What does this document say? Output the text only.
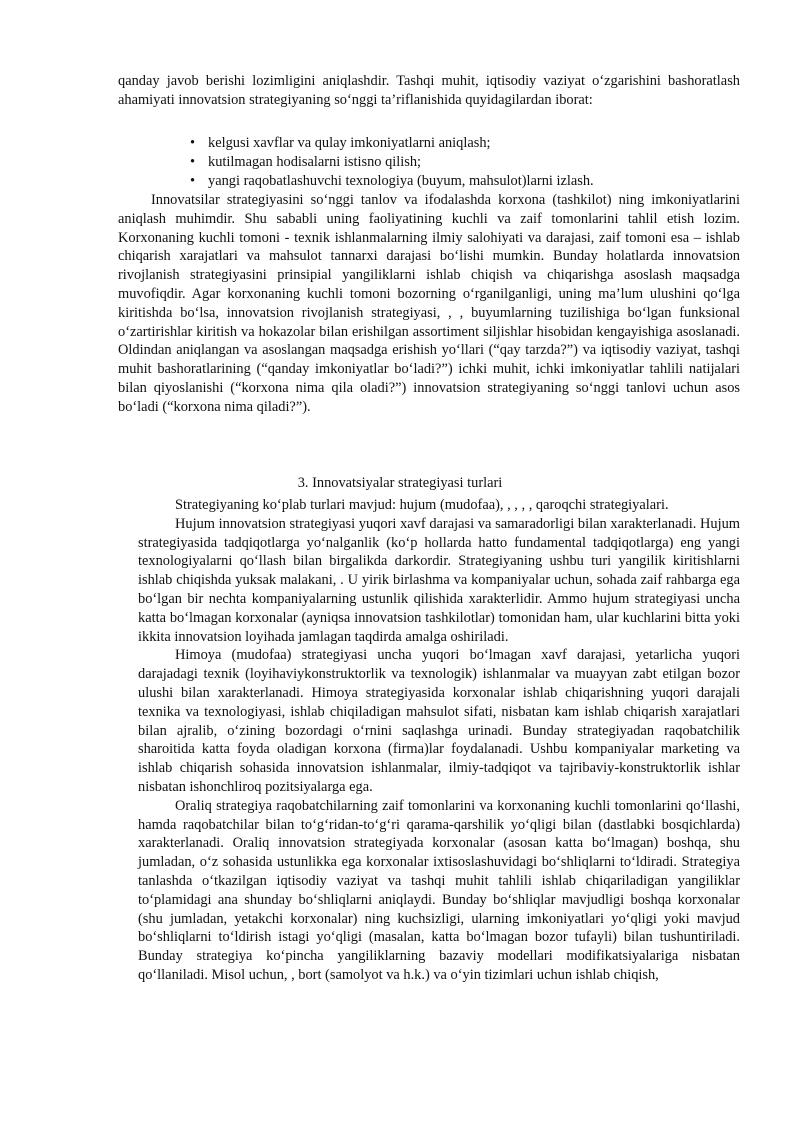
qanday javob berishi lozimligini aniqlashdir. Tashqi muhit, iqtisodiy vaziyat o‘zgarishini bashoratlash ahamiyati innovatsion strategiyaning so‘nggi ta’riflanishida quyidagilardan iborat:

• kelgusi xavflar va qulay imkoniyatlarni aniqlash;
• kutilmagan hodisalarni istisno qilish;
• yangi raqobatlashuvchi texnologiya (buyum, mahsulot)larni izlash.

Innovatsilar strategiyasini so‘nggi tanlov va ifodalashda korxona (tashkilot) ning imkoniyatlarini aniqlash muhimdir. Shu sababli uning faoliyatining kuchli va zaif tomonlarini tahlil etish lozim. Korxonaning kuchli tomoni - texnik ishlanmalarning ilmiy salohiyati va darajasi, zaif tomoni esa – ishlab chiqarish xarajatlari va mahsulot tannarxi darajasi bo‘lishi mumkin. Bunday holatlarda innovatsion rivojlanish strategiyasini prinsipial yangiliklarni ishlab chiqish va chiqarishga asoslash maqsadga muvofiqdir. Agar korxonaning kuchli tomoni bozorning o‘rganilganligi, uning ma’lum ulushini qo‘lga kiritishda bo‘lsa, innovatsion rivojlanish strategiyasi, , , buyumlarning tuzilishiga bo‘lgan funksional o‘zartirishlar kiritish va hokazolar bilan erishilgan assortiment siljishlar hisobidan kengayishiga asoslanadi. Oldindan aniqlangan va asoslangan maqsadga erishish yo‘llari (“qay tarzda?”) va iqtisodiy vaziyat, tashqi muhit bashoratlarining (“qanday imkoniyatlar bo‘ladi?”) ichki muhit, ichki imkoniyatlar tahlili natijalari bilan qiyoslanishi (“korxona nima qila oladi?”) innovatsion strategiyaning so‘nggi tanlovi uchun asos bo‘ladi (“korxona nima qiladi?”).

3. Innovatsiyalar strategiyasi turlari

Strategiyaning ko‘plab turlari mavjud: hujum (mudofaa), , , , , qaroqchi strategiyalari.

Hujum innovatsion strategiyasi yuqori xavf darajasi va samaradorligi bilan xarakterlanadi. Hujum strategiyasida tadqiqotlarga yo‘nalganlik (ko‘p hollarda hatto fundamental tadqiqotlarga) eng yangi texnologiyalarni qo‘llash bilan birgalikda darkordir. Strategiyaning ushbu turi yangilik kiritishlarni ishlab chiqishda yuksak malakani, . U yirik birlashma va kompaniyalar uchun, sohada zaif rahbarga ega bo‘lgan bir nechta kompaniyalarning ustunlik qilishida xarakterlidir. Ammo hujum strategiyasi uncha katta bo‘lmagan korxonalar (ayniqsa innovatsion tashkilotlar) tomonidan ham, ular kuchlarini bitta yoki ikkita innovatsion loyihada jamlagan taqdirda amalga oshiriladi.

Himoya (mudofaa) strategiyasi uncha yuqori bo‘lmagan xavf darajasi, yetarlicha yuqori darajadagi texnik (loyihaviykonstruktorlik va texnologik) ishlanmalar va muayyan zabt etilgan bozor ulushi bilan xarakterlanadi. Himoya strategiyasida korxonalar ishlab chiqarishning yuqori darajali texnika va texnologiyasi, ishlab chiqiladigan mahsulot sifati, nisbatan kam ishlab chiqarish xarajatlari bilan ajralib, o‘zining bozordagi o‘rnini saqlashga urinadi. Bunday strategiyadan raqobatchilik sharoitida katta foyda oladigan korxona (firma)lar foydalanadi. Ushbu kompaniyalar marketing va ishlab chiqarish sohasida innovatsion ishlanmalar, ilmiy-tadqiqot va tajribaviy-konstruktorlik ishlar nisbatan ishonchliroq pozitsiyalarga ega.

Oraliq strategiya raqobatchilarning zaif tomonlarini va korxonaning kuchli tomonlarini qo‘llashi, hamda raqobatchilar bilan to‘g‘ridan-to‘g‘ri qarama-qarshilik yo‘qligi bilan (dastlabki bosqichlarda) xarakterlanadi. Oraliq innovatsion strategiyada korxonalar (asosan katta bo‘lmagan) boshqa, shu jumladan, o‘z sohasida ustunlikka ega korxonalar ixtisoslashuvidagi bo‘shliqlarni to‘ldiradi. Strategiya tanlashda o‘tkazilgan iqtisodiy vaziyat va tashqi muhit tahlili ishlab chiqariladigan yangiliklar to‘plamidagi ana shunday bo‘shliqlarni aniqlaydi. Bunday bo‘shliqlar mavjudligi boshqa korxonalar (shu jumladan, yetakchi korxonalar) ning kuchsizligi, ularning imkoniyatlari yo‘qligi yoki mavjud bo‘shliqlarni to‘ldirish istagi yo‘qligi (masalan, katta bo‘lmagan bozor tufayli) bilan tushuntiriladi. Bunday strategiya ko‘pincha yangiliklarning bazaviy modellari modifikatsiyalariga nisbatan qo‘llaniladi. Misol uchun, , bort (samolyot va h.k.) va o‘yin tizimlari uchun ishlab chiqish,
